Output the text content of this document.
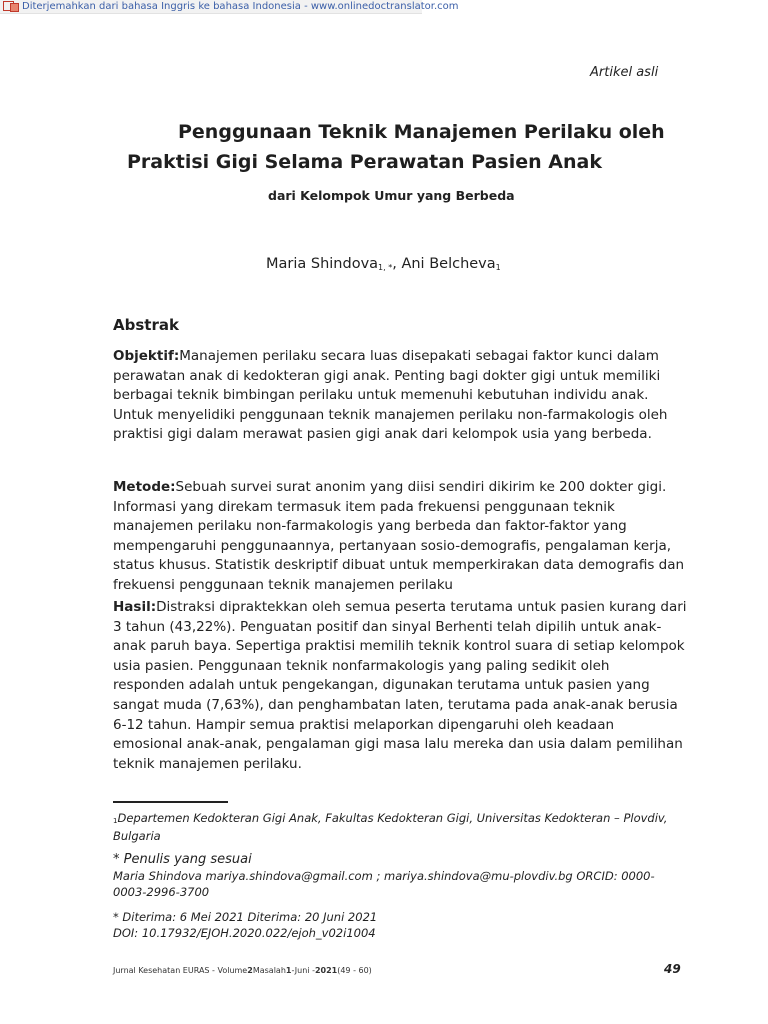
Diterjemahkan dari bahasa Inggris ke bahasa Indonesia - www.onlinedoctranslator.com
Artikel asli
Penggunaan Teknik Manajemen Perilaku oleh
Praktisi Gigi Selama Perawatan Pasien Anak
dari Kelompok Umur yang Berbeda
Maria Shindova$^{1, *}$, Ani Belcheva$^1$
Abstrak
Objektif:Manajemen perilaku secara luas disepakati sebagai faktor kunci dalam
perawatan anak di kedokteran gigi anak. Penting bagi dokter gigi untuk memiliki
berbagai teknik bimbingan perilaku untuk memenuhi kebutuhan individu anak.
Untuk menyelidiki penggunaan teknik manajemen perilaku non-farmakologis oleh
praktisi gigi dalam merawat pasien gigi anak dari kelompok usia yang berbeda.
Metode:Sebuah survei surat anonim yang diisi sendiri dikirim ke 200 dokter gigi.
Informasi yang direkam termasuk item pada frekuensi penggunaan teknik
manajemen perilaku non-farmakologis yang berbeda dan faktor-faktor yang
mempengaruhi penggunaannya, pertanyaan sosio-demografis, pengalaman kerja,
status khusus. Statistik deskriptif dibuat untuk memperkirakan data demografis dan
frekuensi penggunaan teknik manajemen perilaku
Hasil:Distraksi dipraktekkan oleh semua peserta terutama untuk pasien kurang dari
3 tahun (43,22%). Penguatan positif dan sinyal Berhenti telah dipilih untuk anak-
anak paruh baya. Sepertiga praktisi memilih teknik kontrol suara di setiap kelompok
usia pasien. Penggunaan teknik nonfarmakologis yang paling sedikit oleh
responden adalah untuk pengekangan, digunakan terutama untuk pasien yang
sangat muda (7,63%), dan penghambatan laten, terutama pada anak-anak berusia
6-12 tahun. Hampir semua praktisi melaporkan dipengaruhi oleh keadaan
emosional anak-anak, pengalaman gigi masa lalu mereka dan usia dalam pemilihan
teknik manajemen perilaku.
$^1$Departemen Kedokteran Gigi Anak, Fakultas Kedokteran Gigi, Universitas Kedokteran – Plovdiv,
Bulgaria
* Penulis yang sesuai
Maria Shindova mariya.shindova@gmail.com ; mariya.shindova@mu-plovdiv.bg ORCID: 0000-
0003-2996-3700
* Diterima: 6 Mei 2021 Diterima: 20 Juni 2021
DOI: 10.17932/EJOH.2020.022/ejoh_v02i1004
Jurnal Kesehatan EURAS - Volume2Masalah1-Juni -2021(49 - 60)	49
